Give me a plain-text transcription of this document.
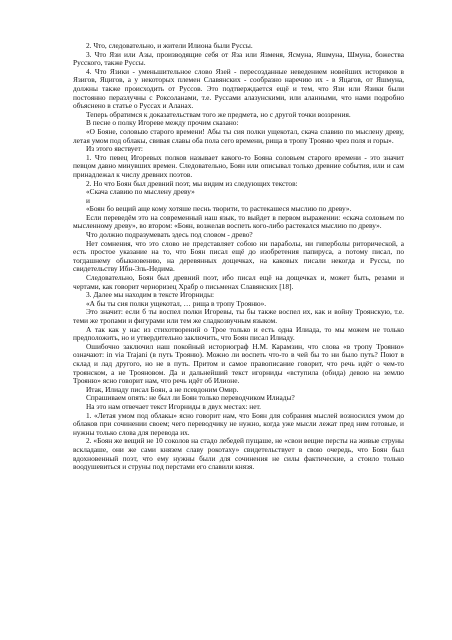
2. Что, следовательно, и жители Илиона были Руссы.

3. Что Язи или Азы, производящие себя от Яза или Язменя, Ясмуна, Яшмуна, Шмуна, божества Русского, также Руссы.

4. Что Язики - уменьшительное слово Язей - пересозданные неведением новейших историков в Язигов, Яцигов, а у некоторых племен Славянских - сообразно наречию их - в Яцагов, от Яшмуна, должны также происходить от Руссов. Это подтверждается ещё и тем, что Язи или Язики были постоянно перазлучны с Роксоланами, т.е. Руссами алазунскими, или аланными, что нами подробно объяснено в статье о Руссах и Аланах.

Теперь обратимся к доказательствам того же предмета, но с другой точки воззрения.

В песне о полку Игореве между прочим сказано:

«О Бояне, соловыю старого времени! Абы ты сия полки ущекотал, скача славию по мыслену древу, летая умом под облакы, свивая славы оба пола сего времени, рища в тропу Трояню чрез поля и горы».

Из этого явствует:

1. Что певец Игоревых полков называет какого-то Бояна соловьем старого времени - это значит певцом давно минувших времен. Следовательно, Боян или описывал только древние события, или и сам принадлежал к числу древних поэтов.

2. Но что Боян был древний поэт, мы видим из следующих текстов:

«Скача славию по мыслену древу»

и

«Боян бо вещий аще кому хотяше песнь творити, то растекашеся мыслию по древу».

Если переведём это на современный наш язык, то выйдет в первом выражении: «скача соловьем по мысленному древу», во втором: «Боян, возжелав воспеть кого-либо растекался мыслию по древу».

Что должно подразумевать здесь под словом - древо?

Нет сомнения, что это слово не представляет собою ни параболы, ни гиперболы риторической, а есть простое указание на то, что Боян писал ещё до изобретения папируса, а потому писал, по тогдашнему обыкновению, на деревянных дощечках, на каковых писали некогда и Руссы, по свидетельству Ибн-Эль-Недима.

Следовательно, Боян был древний поэт, ибо писал ещё на дощечках и, может быть, резами и чертами, как говорит черноризец Храбр о письменах Славянских [18].

3. Далее мы находим в тексте Игорниды:

«А бы ты сия полки ущекотал, … рища в тропу Трояню».

Это значит: если б ты воспел полки Игоревы, ты бы также воспел их, как и войну Троянскую, т.е. теми же тропами и фигурами или тем же сладкозвучным языком.

А так как у нас из стихотворений о Трое только и есть одна Илиада, то мы можем не только предположить, но и утвердительно заключить, что Боян писал Илиаду.

Ошибочно заключил наш покойный историограф Н.М. Карамзин, что слова «в тропу Трояню» означают: in via Trajani (в путь Трояню). Можно ли воспеть что-то в чей бы то ни было путь? Поют в склад и лад другого, но не в путь. Притом и самое правописание говорит, что речь идёт о чем-то троянском, а не Трояновом. Да и дальнейший текст игорниды «вступила (обида) девою на землю Трояню» ясно говорит нам, что речь идёт об Илионе.

Итак, Илиаду писал Боян, а не псевдоним Омир.

Спрашиваем опять: не был ли Боян только переводчиком Илиады?

На это нам отвечает текст Игорниды в двух местах: нет.

1. «Летая умом под облакы» ясно говорит нам, что Боян для собрания мыслей возносился умом до облаков при сочинении своем; чего переводчику не нужно, когда уже мысли лежат пред ним готовые, и нужны только слова для перевода их.

2. «Боян же вещий не 10 соколов на стадо лебедей пущаше, не «свои вещие персты на живые струны вскладаше, они же сами князем славу рокотаху» свидетельствует в свою очередь, что Боян был вдохновенный поэт, что ему нужны были для сочинения не силы фактические, а стоило только воодушевиться и струны под перстами его славили князя.
